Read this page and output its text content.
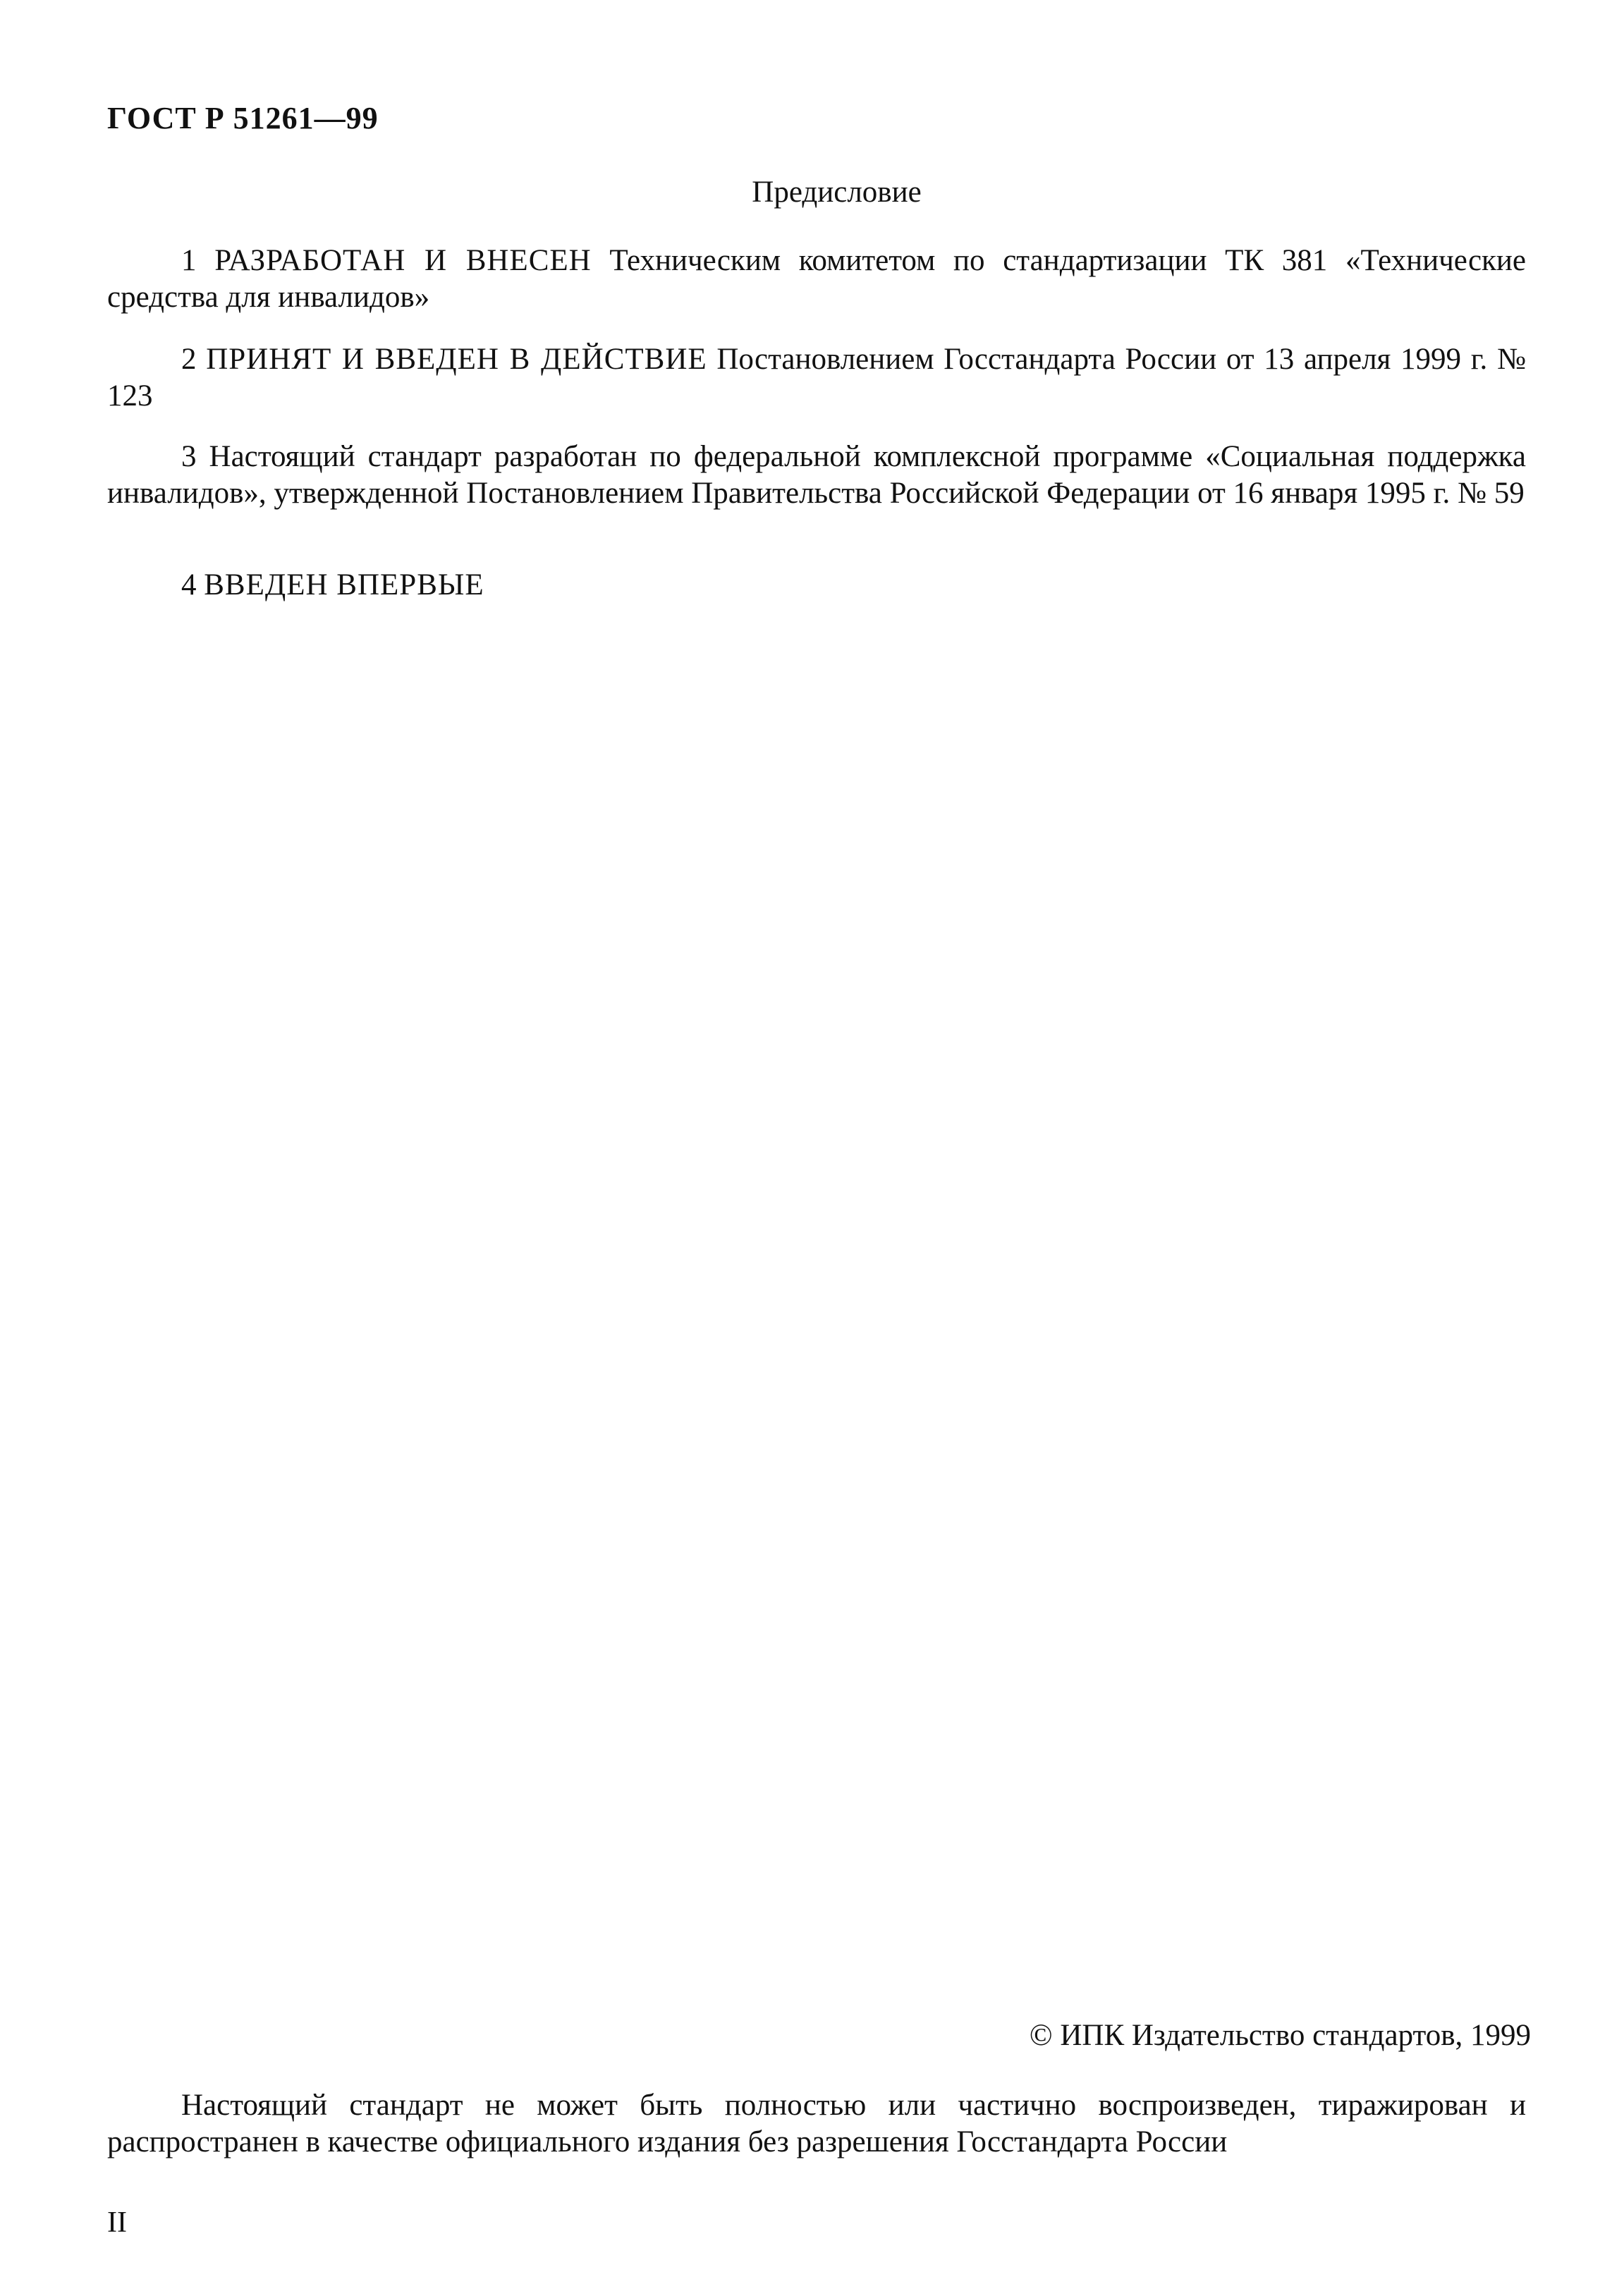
ГОСТ Р 51261—99
Предисловие

1 РАЗРАБОТАН И ВНЕСЕН Техническим комитетом по стандартизации ТК 381 «Технические средства для инвалидов»

2 ПРИНЯТ И ВВЕДЕН В ДЕЙСТВИЕ Постановлением Госстандарта России от 13 апреля 1999 г. № 123

3 Настоящий стандарт разработан по федеральной комплексной программе «Социальная поддержка инвалидов», утвержденной Постановлением Правительства Российской Федерации от 16 января 1995 г. № 59

4 ВВЕДЕН ВПЕРВЫЕ

© ИПК Издательство стандартов, 1999

Настоящий стандарт не может быть полностью или частично воспроизведен, тиражирован и распространен в качестве официального издания без разрешения Госстандарта России

II
